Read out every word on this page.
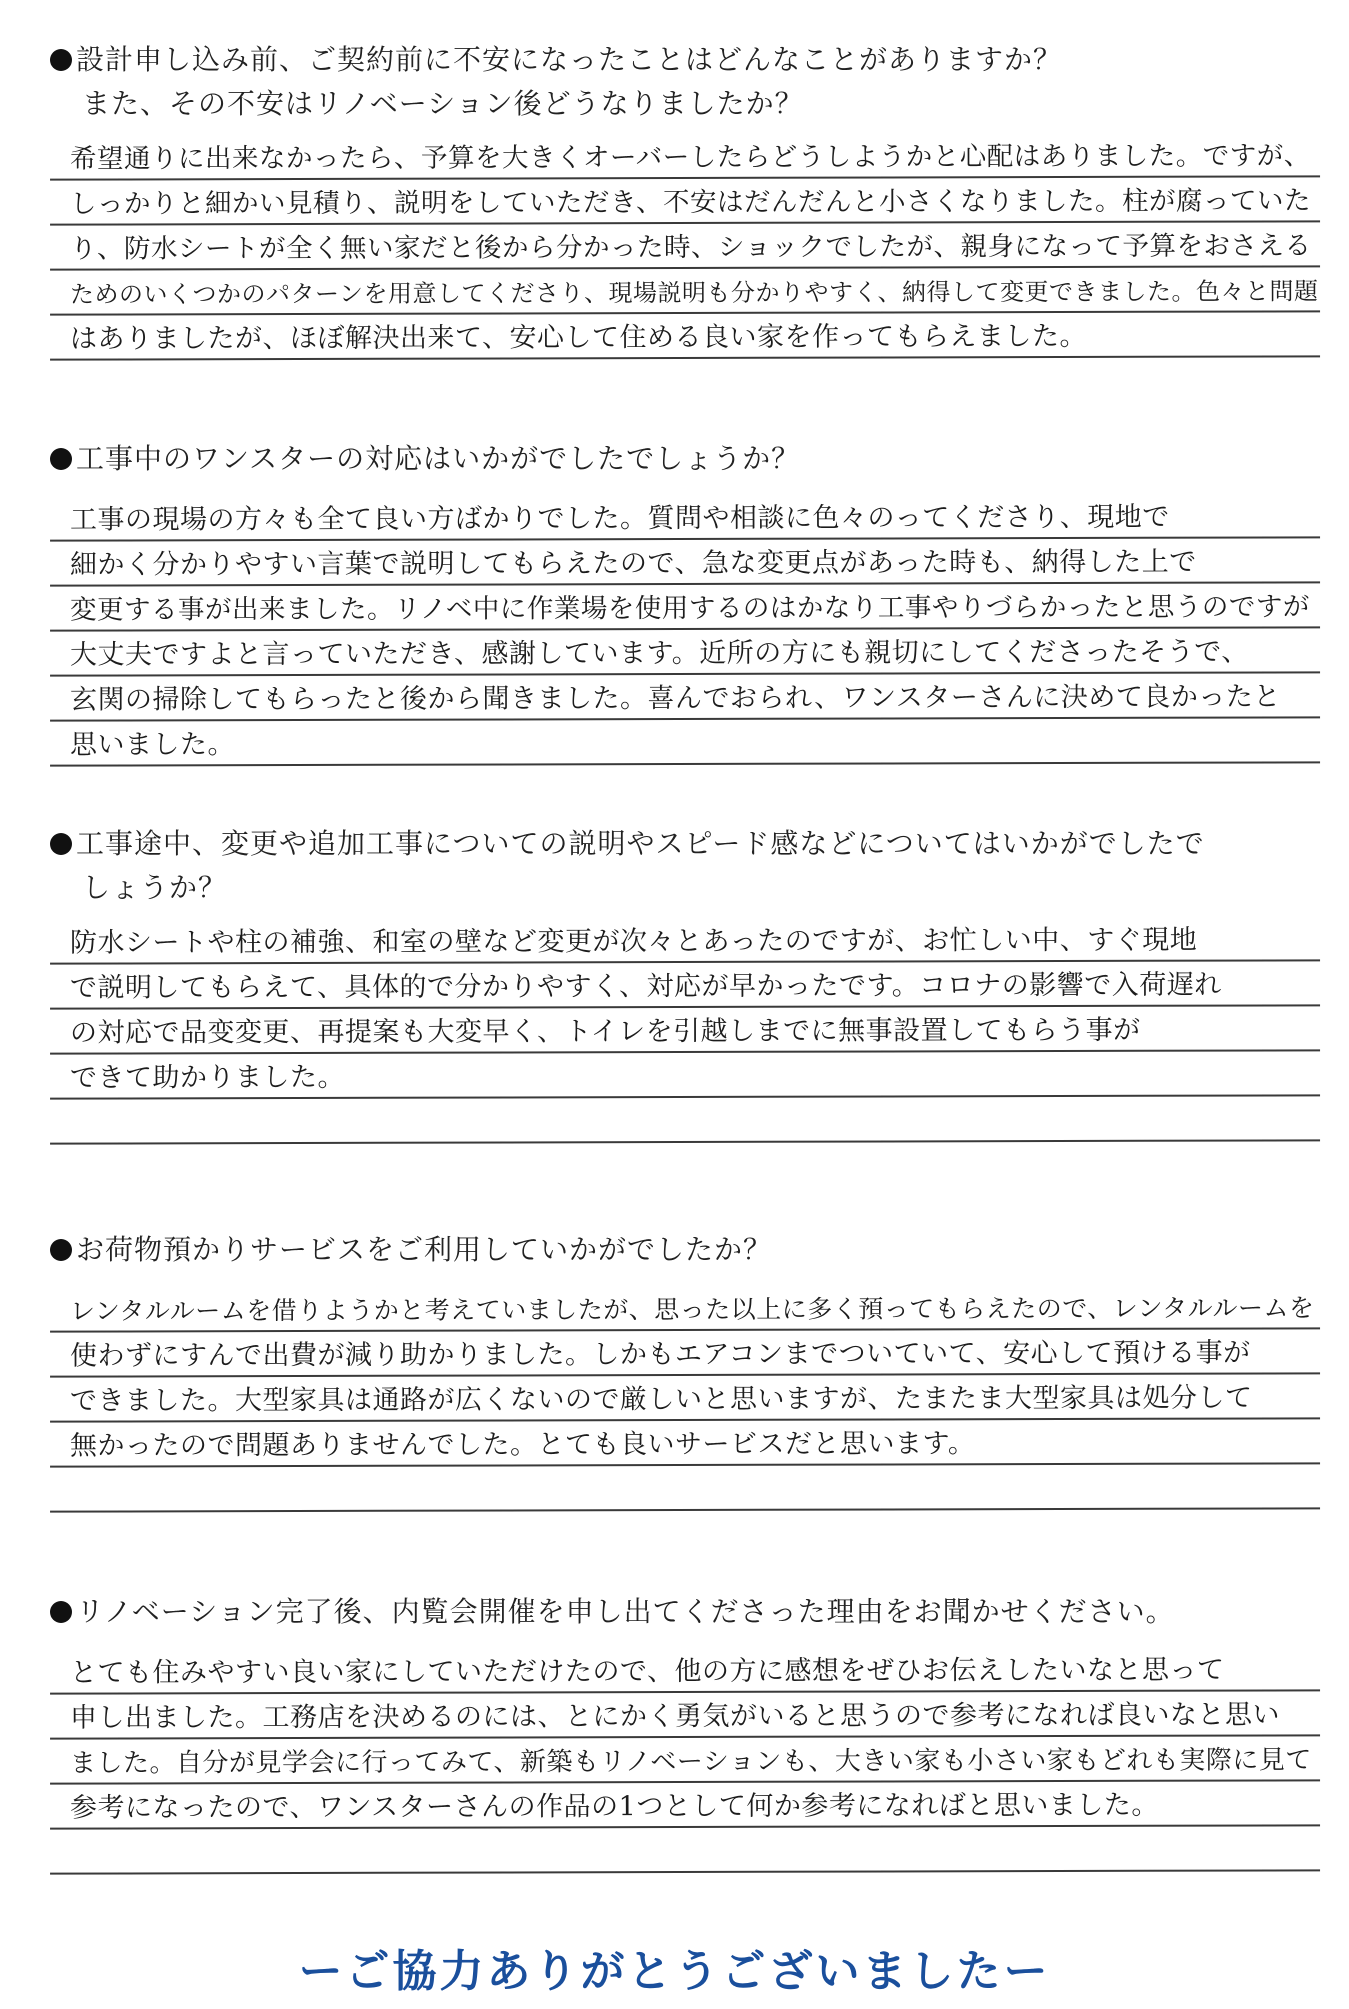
設計申し込み前、ご契約前に不安になったことはどんなことがありますか？
また、その不安はリノベーション後どうなりましたか？
希望通りに出来なかったら、予算を大きくオーバーしたらどうしようかと心配はありました。ですが、
しっかりと細かい見積り、説明をしていただき、不安はだんだんと小さくなりました。柱が腐っていた
り、防水シートが全く無い家だと後から分かった時、ショックでしたが、親身になって予算をおさえる
ためのいくつかのパターンを用意してくださり、現場説明も分かりやすく、納得して変更できました。色々と問題
はありましたが、ほぼ解決出来て、安心して住める良い家を作ってもらえました。
工事中のワンスターの対応はいかがでしたでしょうか？
工事の現場の方々も全て良い方ばかりでした。質問や相談に色々のってくださり、現地で
細かく分かりやすい言葉で説明してもらえたので、急な変更点があった時も、納得した上で
変更する事が出来ました。リノベ中に作業場を使用するのはかなり工事やりづらかったと思うのですが
大丈夫ですよと言っていただき、感謝しています。近所の方にも親切にしてくださったそうで、
玄関の掃除してもらったと後から聞きました。喜んでおられ、ワンスターさんに決めて良かったと
思いました。
工事途中、変更や追加工事についての説明やスピード感などについてはいかがでしたで
しょうか？
防水シートや柱の補強、和室の壁など変更が次々とあったのですが、お忙しい中、すぐ現地
で説明してもらえて、具体的で分かりやすく、対応が早かったです。コロナの影響で入荷遅れ
の対応で品变変更、再提案も大変早く、トイレを引越しまでに無事設置してもらう事が
できて助かりました。
お荷物預かりサービスをご利用していかがでしたか？
レンタルルームを借りようかと考えていましたが、思った以上に多く預ってもらえたので、レンタルルームを
使わずにすんで出費が減り助かりました。しかもエアコンまでついていて、安心して預ける事が
できました。大型家具は通路が広くないので厳しいと思いますが、たまたま大型家具は処分して
無かったので問題ありませんでした。とても良いサービスだと思います。
リノベーション完了後、内覧会開催を申し出てくださった理由をお聞かせください。
とても住みやすい良い家にしていただけたので、他の方に感想をぜひお伝えしたいなと思って
申し出ました。工務店を決めるのには、とにかく勇気がいると思うので参考になれば良いなと思い
ました。自分が見学会に行ってみて、新築もリノベーションも、大きい家も小さい家もどれも実際に見て
参考になったので、ワンスターさんの作品の1つとして何か参考になればと思いました。
ーご協力ありがとうございましたー
